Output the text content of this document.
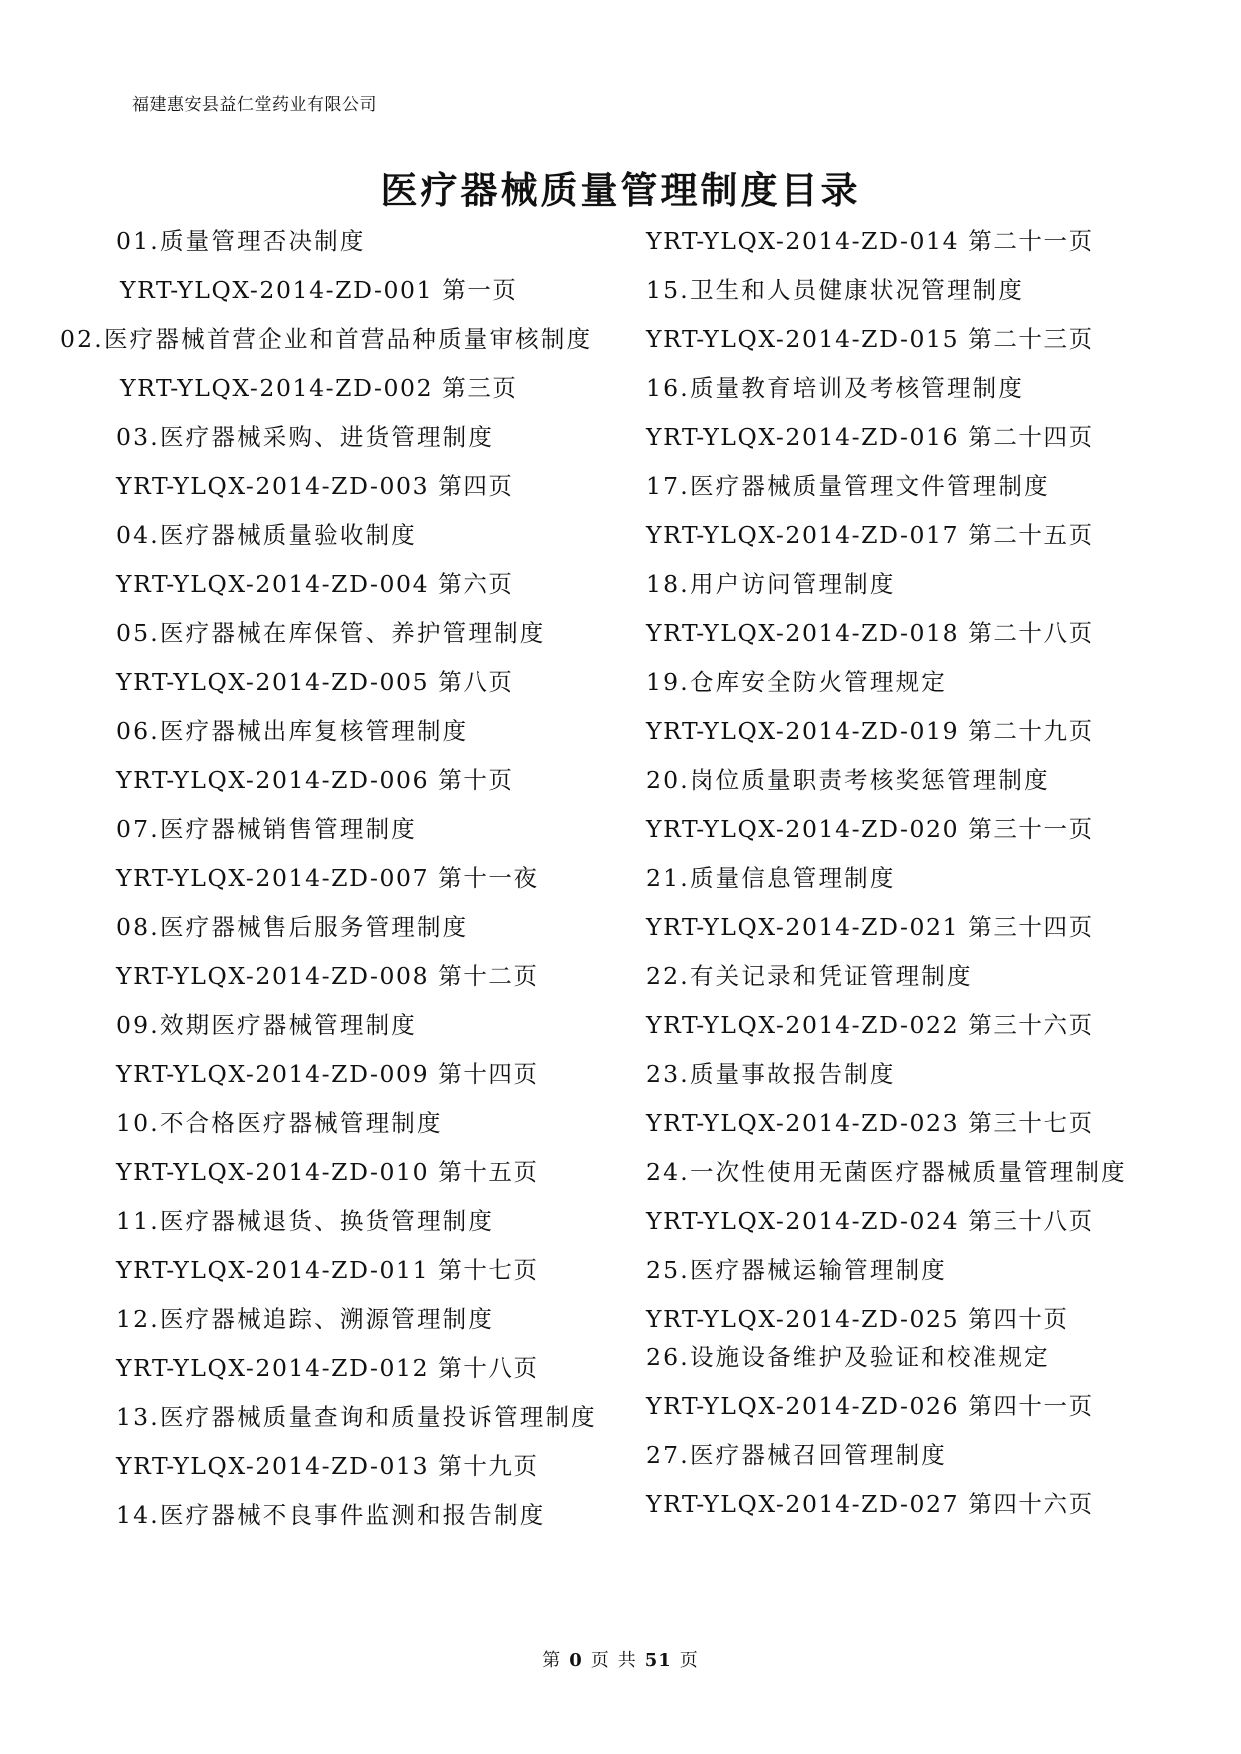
福建惠安县益仁堂药业有限公司
医疗器械质量管理制度目录
01.质量管理否决制度
YRT-YLQX-2014-ZD-001 第一页
02.医疗器械首营企业和首营品种质量审核制度
YRT-YLQX-2014-ZD-002 第三页
03.医疗器械采购、进货管理制度
YRT-YLQX-2014-ZD-003 第四页
04.医疗器械质量验收制度
YRT-YLQX-2014-ZD-004 第六页
05.医疗器械在库保管、养护管理制度
YRT-YLQX-2014-ZD-005 第八页
06.医疗器械出库复核管理制度
YRT-YLQX-2014-ZD-006 第十页
07.医疗器械销售管理制度
YRT-YLQX-2014-ZD-007 第十一夜
08.医疗器械售后服务管理制度
YRT-YLQX-2014-ZD-008 第十二页
09.效期医疗器械管理制度
YRT-YLQX-2014-ZD-009 第十四页
10.不合格医疗器械管理制度
YRT-YLQX-2014-ZD-010 第十五页
11.医疗器械退货、换货管理制度
YRT-YLQX-2014-ZD-011 第十七页
12.医疗器械追踪、溯源管理制度
YRT-YLQX-2014-ZD-012 第十八页
13.医疗器械质量查询和质量投诉管理制度
YRT-YLQX-2014-ZD-013 第十九页
14.医疗器械不良事件监测和报告制度
YRT-YLQX-2014-ZD-014 第二十一页
15.卫生和人员健康状况管理制度
YRT-YLQX-2014-ZD-015 第二十三页
16.质量教育培训及考核管理制度
YRT-YLQX-2014-ZD-016 第二十四页
17.医疗器械质量管理文件管理制度
YRT-YLQX-2014-ZD-017 第二十五页
18.用户访问管理制度
YRT-YLQX-2014-ZD-018 第二十八页
19.仓库安全防火管理规定
YRT-YLQX-2014-ZD-019 第二十九页
20.岗位质量职责考核奖惩管理制度
YRT-YLQX-2014-ZD-020 第三十一页
21.质量信息管理制度
YRT-YLQX-2014-ZD-021 第三十四页
22.有关记录和凭证管理制度
YRT-YLQX-2014-ZD-022 第三十六页
23.质量事故报告制度
YRT-YLQX-2014-ZD-023 第三十七页
24.一次性使用无菌医疗器械质量管理制度
YRT-YLQX-2014-ZD-024 第三十八页
25.医疗器械运输管理制度
YRT-YLQX-2014-ZD-025 第四十页
26.设施设备维护及验证和校准规定
YRT-YLQX-2014-ZD-026 第四十一页
27.医疗器械召回管理制度
YRT-YLQX-2014-ZD-027 第四十六页
第 0 页 共 51 页
